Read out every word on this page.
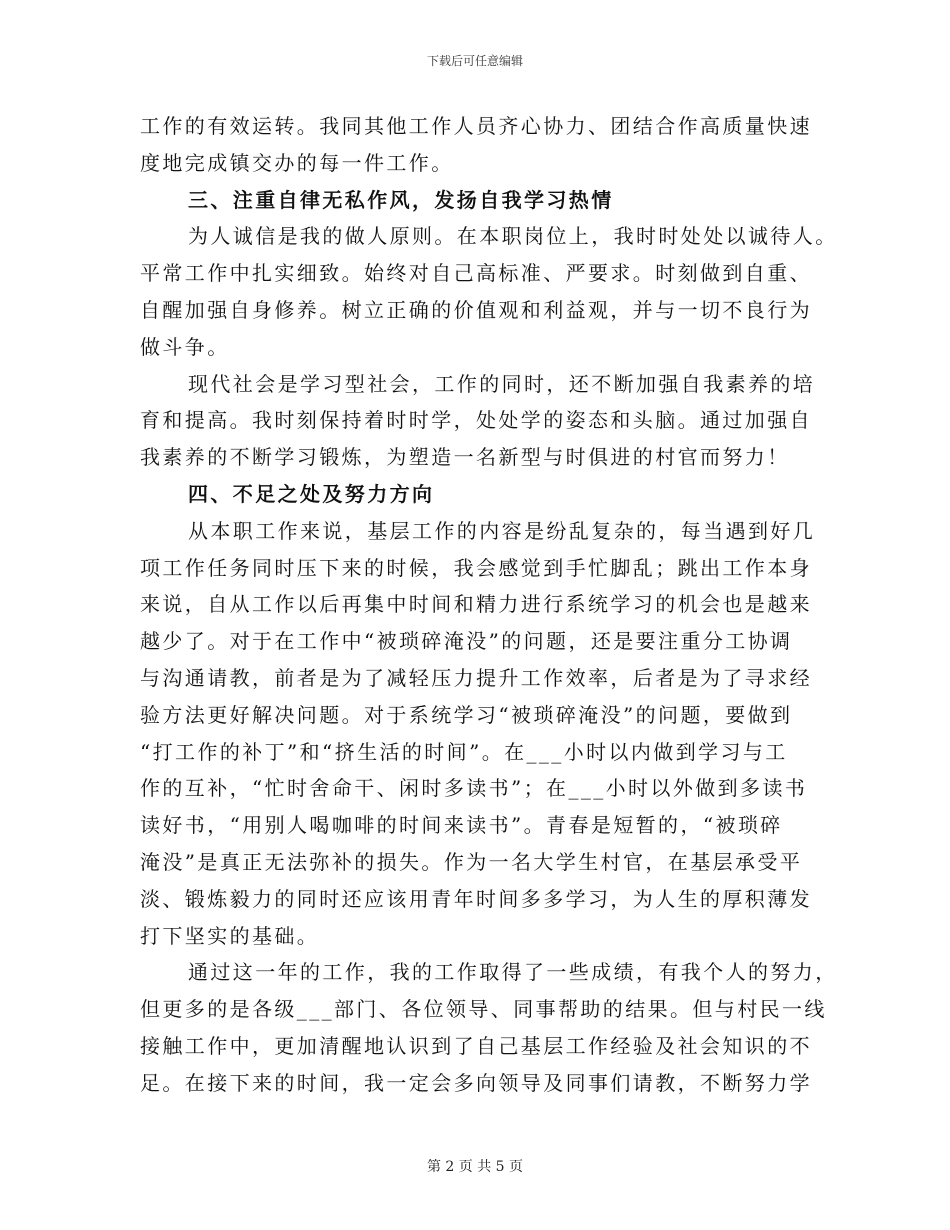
下载后可任意编辑
工作的有效运转。我同其他工作人员齐心协力、团结合作高质量快速
度地完成镇交办的每一件工作。
三、注重自律无私作风，发扬自我学习热情
为人诚信是我的做人原则。在本职岗位上，我时时处处以诚待人。
平常工作中扎实细致。始终对自己高标准、严要求。时刻做到自重、
自醒加强自身修养。树立正确的价值观和利益观，并与一切不良行为
做斗争。
现代社会是学习型社会，工作的同时，还不断加强自我素养的培
育和提高。我时刻保持着时时学，处处学的姿态和头脑。通过加强自
我素养的不断学习锻炼，为塑造一名新型与时俱进的村官而努力！
四、不足之处及努力方向
从本职工作来说，基层工作的内容是纷乱复杂的，每当遇到好几
项工作任务同时压下来的时候，我会感觉到手忙脚乱；跳出工作本身
来说，自从工作以后再集中时间和精力进行系统学习的机会也是越来
越少了。对于在工作中“被琐碎淹没”的问题，还是要注重分工协调
与沟通请教，前者是为了减轻压力提升工作效率，后者是为了寻求经
验方法更好解决问题。对于系统学习“被琐碎淹没”的问题，要做到
“打工作的补丁”和“挤生活的时间”。在___小时以内做到学习与工
作的互补，“忙时舍命干、闲时多读书”；在___小时以外做到多读书
读好书，“用别人喝咖啡的时间来读书”。青春是短暂的，“被琐碎
淹没”是真正无法弥补的损失。作为一名大学生村官，在基层承受平
淡、锻炼毅力的同时还应该用青年时间多多学习，为人生的厚积薄发
打下坚实的基础。
通过这一年的工作，我的工作取得了一些成绩，有我个人的努力，
但更多的是各级___部门、各位领导、同事帮助的结果。但与村民一线
接触工作中，更加清醒地认识到了自己基层工作经验及社会知识的不
足。在接下来的时间，我一定会多向领导及同事们请教，不断努力学
第 2 页 共 5 页
